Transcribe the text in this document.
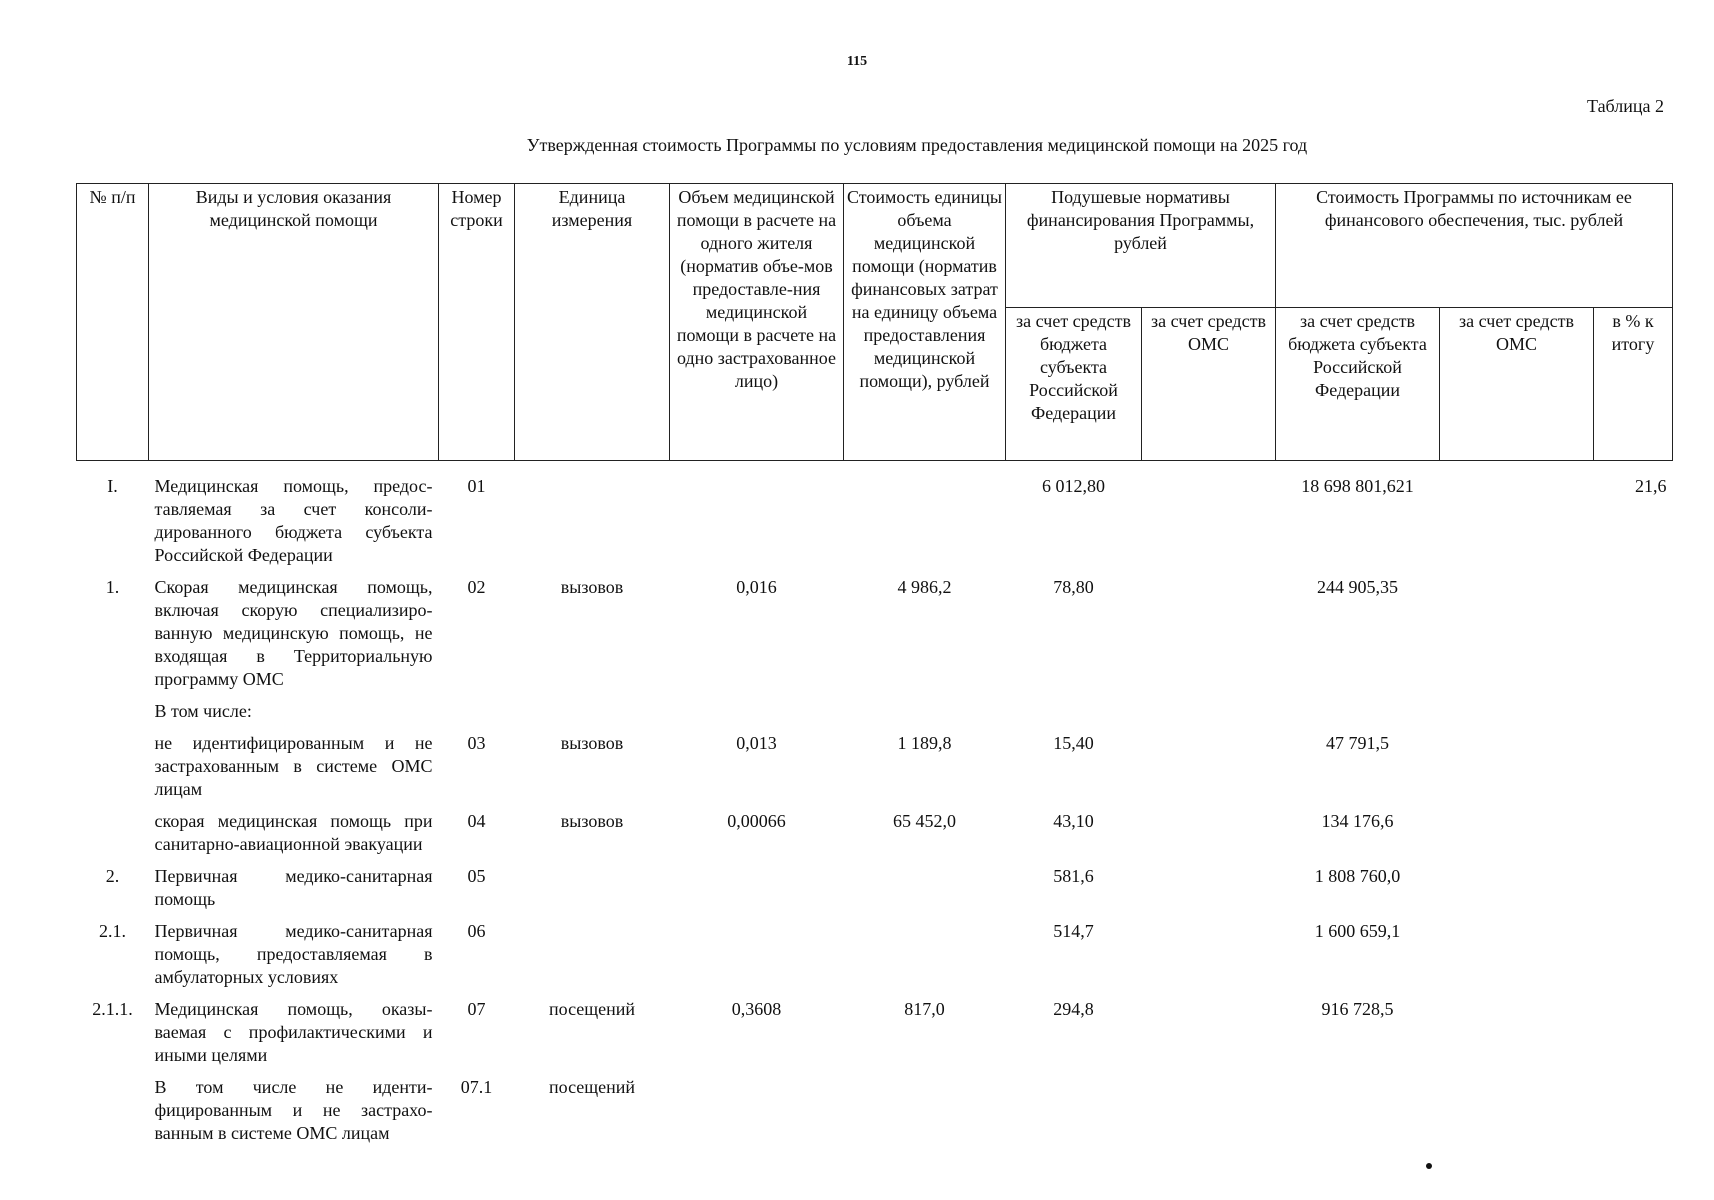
115
Таблица 2
Утвержденная стоимость Программы по условиям предоставления медицинской помощи на 2025 год
№ п/п	Виды и условия оказания медицинской помощи	Номер строки	Единица измерения	Объем медицинской помощи в расчете на одного жителя (норматив объе-мов предоставле-ния медицинской помощи в расчете на одно застрахованное лицо)	Стоимость единицы объема медицинской помощи (норматив финансовых затрат на единицу объема предоставления медицинской помощи), рублей	Подушевые нормативы финансирования Программы, рублей		Стоимость Программы по источникам ее финансового обеспечения, тыс. рублей		
						за счет средств бюджета субъекта Российской Федерации	за счет средств ОМС	за счет средств бюджета субъекта Российской Федерации	за счет средств ОМС	в % к итогу

I.	Медицинская помощь, предос-тавляемая за счет консоли-дированного бюджета субъекта Российской Федерации	01				6 012,80		18 698 801,621		21,6
1.	Скорая медицинская помощь, включая скорую специализиро-ванную медицинскую помощь, не входящая в Территориальную программу ОМС	02	вызовов	0,016	4 986,2	78,80		244 905,35		
	В том числе:									
	не идентифицированным и не застрахованным в системе ОМС лицам	03	вызовов	0,013	1 189,8	15,40		47 791,5		
	скорая медицинская помощь при санитарно-авиационной эвакуации	04	вызовов	0,00066	65 452,0	43,10		134 176,6		
2.	Первичная медико-санитарная помощь	05				581,6		1 808 760,0		
2.1.	Первичная медико-санитарная помощь, предоставляемая в амбулаторных условиях	06				514,7		1 600 659,1		
2.1.1.	Медицинская помощь, оказы-ваемая с профилактическими и иными целями	07	посещений	0,3608	817,0	294,8		916 728,5		
	В том числе не иденти-фицированным и не застрахо-ванным в системе ОМС лицам	07.1	посещений							
